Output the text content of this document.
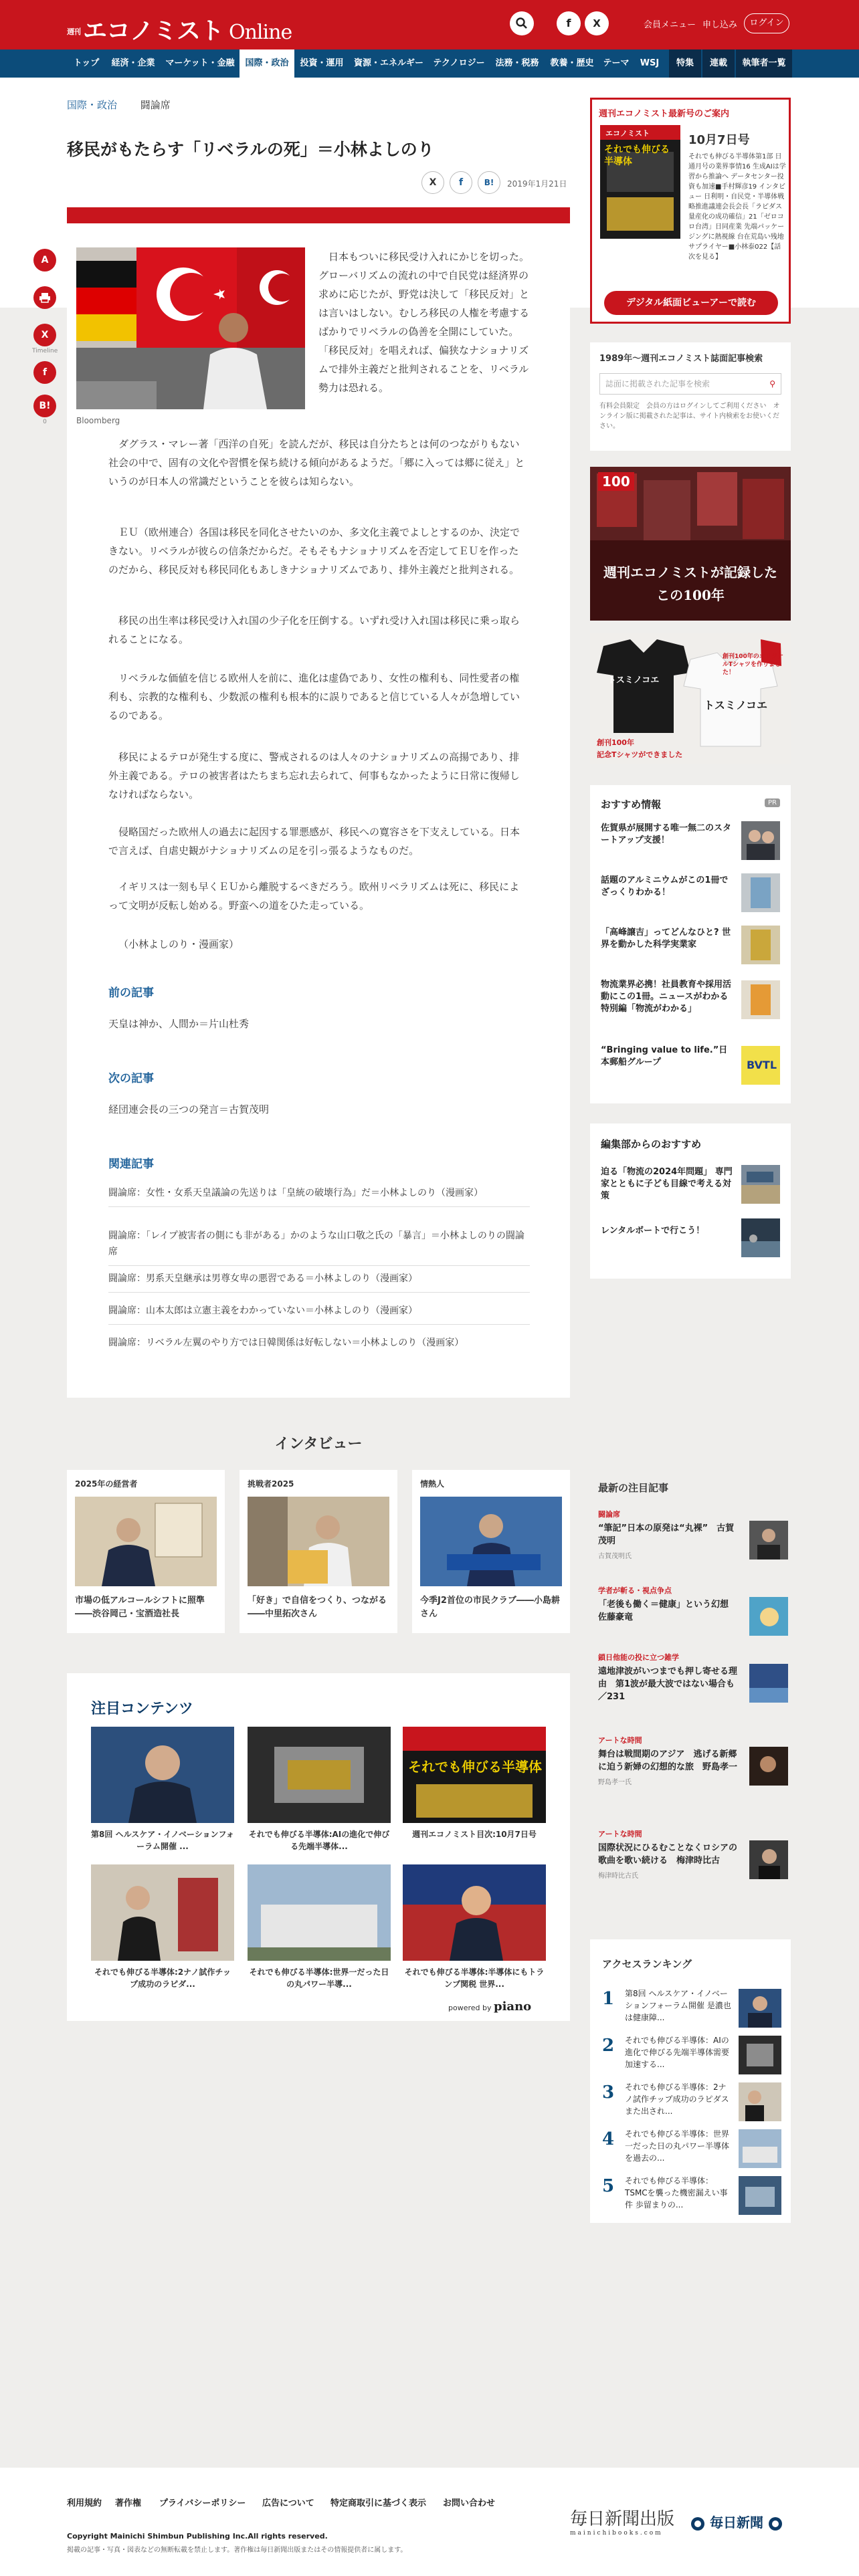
週刊 エコノミスト Online	f	X	会員メニュー 申し込み	ログイン
トップ	経済・企業	マーケット・金融	国際・政治	投資・運用	資源・エネルギー	テクノロジー	法務・税務	教養・歴史	テーマ	WSJ	特集	連載	執筆者一覧
A
X
Timeline
f
B!
0
国際・政治 闘論席
移民がもたらす「リベラルの死」＝小林よしのり
X	f	B!	2019年1月21日
Bloomberg

日本もついに移民受け入れにかじを切った。グローバリズムの流れの中で自民党は経済界の求めに応じたが、野党は決して「移民反対」とは言いはしない。むしろ移民の人権を考慮するばかりでリベラルの偽善を全開にしていた。「移民反対」を唱えれば、偏狭なナショナリズムで排外主義だと批判されることを、リベラル勢力は恐れる。

ダグラス・マレー著「西洋の自死」を読んだが、移民は自分たちとは何のつながりもない社会の中で、固有の文化や習慣を保ち続ける傾向があるようだ。「郷に入っては郷に従え」というのが日本人の常識だということを彼らは知らない。

ＥＵ（欧州連合）各国は移民を同化させたいのか、多文化主義でよしとするのか、決定できない。リベラルが彼らの信条だからだ。そもそもナショナリズムを否定してＥＵを作ったのだから、移民反対も移民同化もあしきナショナリズムであり、排外主義だと批判される。

移民の出生率は移民受け入れ国の少子化を圧倒する。いずれ受け入れ国は移民に乗っ取られることになる。

リベラルな価値を信じる欧州人を前に、進化は虚偽であり、女性の権利も、同性愛者の権利も、宗教的な権利も、少数派の権利も根本的に誤りであると信じている人々が急増しているのである。

移民によるテロが発生する度に、警戒されるのは人々のナショナリズムの高揚であり、排外主義である。テロの被害者はたちまち忘れ去られて、何事もなかったように日常に復帰しなければならない。

侵略国だった欧州人の過去に起因する罪悪感が、移民への寛容さを下支えしている。日本で言えば、自虐史観がナショナリズムの足を引っ張るようなものだ。

イギリスは一刻も早くＥＵから離脱するべきだろう。欧州リベラリズムは死に、移民によって文明が反転し始める。野蛮への道をひた走っている。

（小林よしのり・漫画家）

前の記事
天皇は神か、人間か＝片山杜秀
次の記事
経団連会長の三つの発言＝古賀茂明
関連記事
闘論席：女性・女系天皇議論の先送りは「皇統の破壊行為」だ＝小林よしのり（漫画家）
闘論席：「レイプ被害者の側にも非がある」かのような山口敬之氏の「暴言」＝小林よしのりの闘論席
闘論席：男系天皇継承は男尊女卑の悪習である＝小林よしのり（漫画家）
闘論席：山本太郎は立憲主義をわかっていない＝小林よしのり（漫画家）
闘論席：リベラル左翼のやり方では日韓関係は好転しない＝小林よしのり（漫画家）
週刊エコノミスト最新号のご案内
エコノミスト
それでも伸びる半導体
10月7日号
それでも伸びる半導体第1部 日通月号の業界事情16 生成AIは学習から推論へ データセンター投資も加速■手村輝彦19 インタビュー 日利明・自民党・半導体戦略推進議連会長会長「ラピダス量産化の成功確信」21「ゼロコロ台湾」日同産業 先端パッケージングに熱視線 台在荒島い残地サプライヤー■小林泰022【話次を見る】
デジタル紙面ビューアーで読む
1989年～週刊エコノミスト誌面記事検索
誌面に掲載された記事を検索	⚲
有料会員限定　会員の方はログインしてご利用ください　オンライン版に掲載された記事は、サイト内検索をお使いください。
100
週刊エコノミストが記録した
この100年
トスミノコエ
トスミノコエ
創刊100年のオリジナルTシャツを作りました！
創刊100年
記念Tシャツができました
おすすめ情報	PR
佐賀県が展開する唯一無二のスタートアップ支援！
話題のアルミニウムがこの1冊でざっくりわかる！
「高峰譲吉」ってどんなひと? 世界を動かした科学実業家
物流業界必携！社員教育や採用活動にこの1冊。ニュースがわかる特別編「物流がわかる」
“Bringing value to life.”日本郵船グループ	BVTL
編集部からのおすすめ
迫る「物流の2024年問題」 専門家とともに子ども目線で考える対策
レンタルボートで行こう！
インタビュー
2025年の経営者
市場の低アルコールシフトに照準――渋谷岡己・宝酒造社長
挑戦者2025
「好き」で自信をつくり、つながる――中里拓次さん
情熱人
今季J2首位の市民クラブ――小島耕さん
注目コンテンツ
第8回 ヘルスケア・イノベーションフォーラム開催 ...
それでも伸びる半導体:AIの進化で伸びる先端半導体...
それでも伸びる半導体
週刊エコノミスト目次:10月7日号
それでも伸びる半導体:2ナノ試作チップ成功のラピダ...
それでも伸びる半導体:世界一だった日の丸パワー半導...
それでも伸びる半導体:半導体にもトランプ関税 世界...
powered by piano
最新の注目記事
闘論席
“筆記”日本の原発は“丸裸”　古賀茂明
古賀茂明氏
学者が斬る・視点争点
「老後も働く＝健康」という幻想　佐藤豪竜
鎖日他能の投に立つ雑学
遠地津波がいつまでも押し寄せる理由　第1波が最大波ではない場合も／231
アートな時間
舞台は戦間期のアジア　逃げる新郷に迫う新婦の幻想的な旅　野島孝一
野島孝一氏
アートな時間
国際状況にひるむことなくロシアの歌曲を歌い続ける　梅津時比古
梅津時比古氏
アクセスランキング
1 第8回 ヘルスケア・イノベーションフォーラム開催 是濃也は健康障...
2 それでも伸びる半導体：AIの進化で伸びる先端半導体需要 加速する...
3 それでも伸びる半導体：2ナノ試作チップ成功のラピダス また出され...
4 それでも伸びる半導体：世界一だった日の丸パワー半導体を過去の...
5 それでも伸びる半導体：TSMCを襲った機密漏えい事件 歩留まりの...
利用規約 著作権 プライバシーポリシー 広告について 特定商取引に基づく表示 お問い合わせ
Copyright Mainichi Shimbun Publishing Inc.All rights reserved.
掲載の記事・写真・図表などの無断転載を禁止します。著作権は毎日新聞出版またはその情報提供者に属します。
毎日新聞出版
mainichibooks.com
毎日新聞
